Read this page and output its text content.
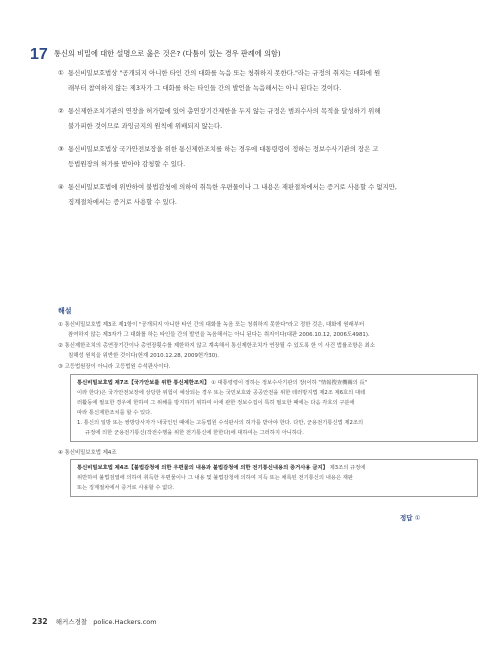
17 통신의 비밀에 대한 설명으로 옳은 것은? (다툼이 있는 경우 판례에 의함)
① 통신비밀보호법상 "공개되지 아니한 타인 간의 대화를 녹음 또는 청취하지 못한다."라는 규정의 취지는 대화에 원
래부터 참여하지 않는 제3자가 그 대화를 하는 타인들 간의 발언을 녹음해서는 아니 된다는 것이다.
② 통신제한조치기관의 연장을 허가함에 있어 총연장기간제한을 두지 않는 규정은 범죄수사의 목적을 달성하기 위해
불가피한 것이므로 과잉금지의 원칙에 위배되지 않는다.
③ 통신비밀보호법상 국가안전보장을 위한 통신제한조치를 하는 경우에 대통령령이 정하는 정보수사기관의 장은 고
등법원장의 허가를 받아야 감청할 수 있다.
④ 통신비밀보호법에 위반하여 불법감청에 의하여 취득한 우편물이나 그 내용은 재판절차에서는 증거로 사용할 수 없지만,
징계절차에서는 증거로 사용할 수 있다.
해설
① 통신비밀보호법 제3조 제1항이 "공개되지 아니한 타인 간의 대화를 녹음 또는 청취하지 못한다"라고 정한 것은, 대화에 원래부터
참여하지 않는 제3자가 그 대화를 하는 타인들 간의 발언을 녹음해서는 아니 된다는 취지이다(대판 2006.10.12, 2006도4981).
② 통신제한조치의 총연장기간이나 총연장횟수를 제한하지 않고 계속해서 통신제한조치가 연장될 수 있도록 한 이 사건 법률조항은 최소
침해성 원칙을 위반한 것이다(헌재 2010.12.28, 2009헌가30).
③ 고등법원장이 아니라 고등법원 수석판사이다.
통신비밀보호법 제7조【국가안보를 위한 통신제한조치】 ① 대통령령이 정하는 정보수사기관의 장(이하 "情報搜查機關의 長"
이라 한다)은 국가안전보장에 상당한 위험이 예상되는 경우 또는 국민보호와 공공안전을 위한 테러방지법 제2조 제6호의 대테
러활동에 필요한 경우에 한하여 그 위해를 방지하기 위하여 이에 관한 정보수집이 특히 필요한 때에는 다음 각호의 구분에
따라 통신제한조치를 할 수 있다.
1. 통신의 일방 또는 쌍방당사자가 내국인인 때에는 고등법원 수석판사의 허가를 받아야 한다. 다만, 군용전기통신법 제2조의
규정에 의한 군용전기통신(작전수행을 위한 전기통신에 한한다)에 대하여는 그러하지 아니하다.
④ 통신비밀보호법 제4조
통신비밀보호법 제4조【불법감청에 의한 우편물의 내용과 불법감청에 의한 전기통신내용의 증거사용 금지】 제3조의 규정에
위반하여 불법검열에 의하여 취득한 우편물이나 그 내용 및 불법감청에 의하여 지득 또는 채록된 전기통신의 내용은 재판
또는 징계절차에서 증거로 사용할 수 없다.
정답 ①
232 해커스경찰 police.Hackers.com
